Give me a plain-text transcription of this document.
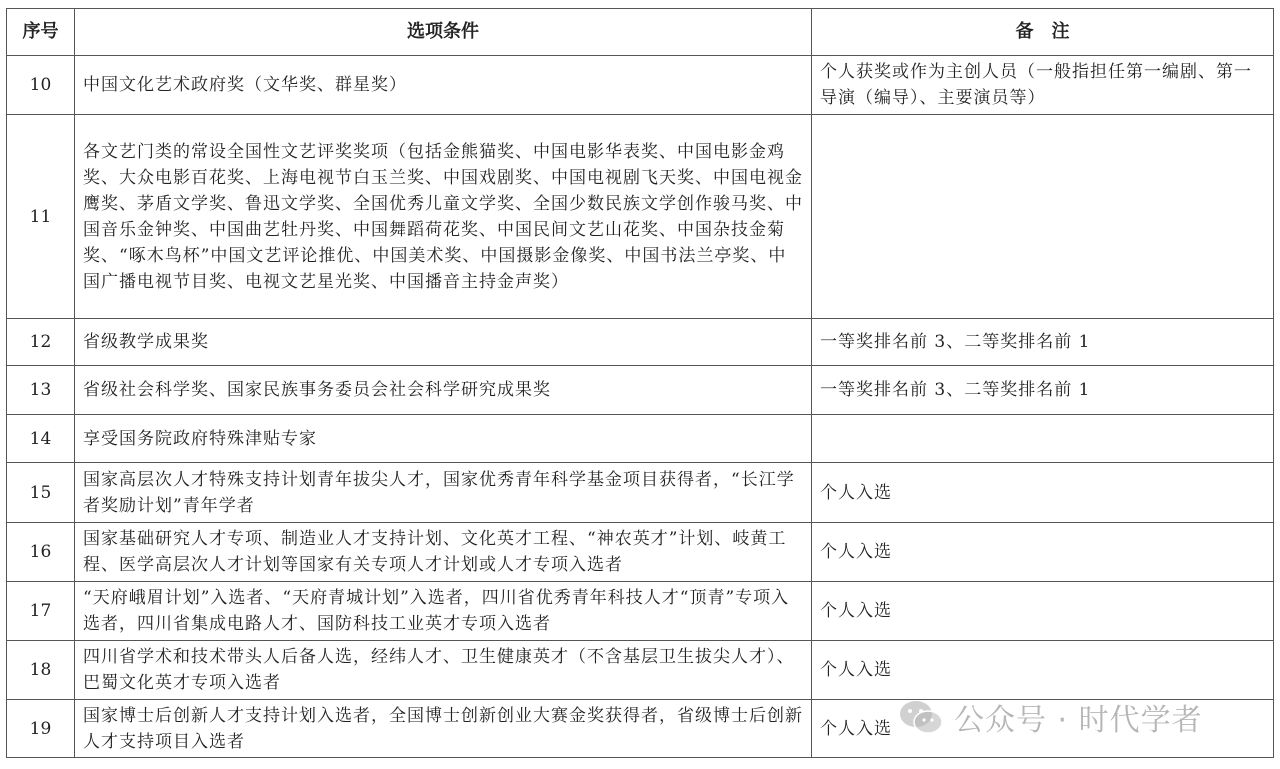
序号	选项条件	备　注
10	中国文化艺术政府奖（文华奖、群星奖）	个人获奖或作为主创人员（一般指担任第一编剧、第一导演（编导）、主要演员等）
11	各文艺门类的常设全国性文艺评奖奖项（包括金熊猫奖、中国电影华表奖、中国电影金鸡奖、大众电影百花奖、上海电视节白玉兰奖、中国戏剧奖、中国电视剧飞天奖、中国电视金鹰奖、茅盾文学奖、鲁迅文学奖、全国优秀儿童文学奖、全国少数民族文学创作骏马奖、中国音乐金钟奖、中国曲艺牡丹奖、中国舞蹈荷花奖、中国民间文艺山花奖、中国杂技金菊奖、“啄木鸟杯”中国文艺评论推优、中国美术奖、中国摄影金像奖、中国书法兰亭奖、中国广播电视节目奖、电视文艺星光奖、中国播音主持金声奖）	
12	省级教学成果奖	一等奖排名前 3、二等奖排名前 1
13	省级社会科学奖、国家民族事务委员会社会科学研究成果奖	一等奖排名前 3、二等奖排名前 1
14	享受国务院政府特殊津贴专家	
15	国家高层次人才特殊支持计划青年拔尖人才，国家优秀青年科学基金项目获得者，“长江学者奖励计划”青年学者	个人入选
16	国家基础研究人才专项、制造业人才支持计划、文化英才工程、“神农英才”计划、岐黄工程、医学高层次人才计划等国家有关专项人才计划或人才专项入选者	个人入选
17	“天府峨眉计划”入选者、“天府青城计划”入选者，四川省优秀青年科技人才“顶青”专项入选者，四川省集成电路人才、国防科技工业英才专项入选者	个人入选
18	四川省学术和技术带头人后备人选，经纬人才、卫生健康英才（不含基层卫生拔尖人才）、巴蜀文化英才专项入选者	个人入选
19	国家博士后创新人才支持计划入选者，全国博士创新创业大赛金奖获得者，省级博士后创新人才支持项目入选者	个人入选 公众号 · 时代学者
